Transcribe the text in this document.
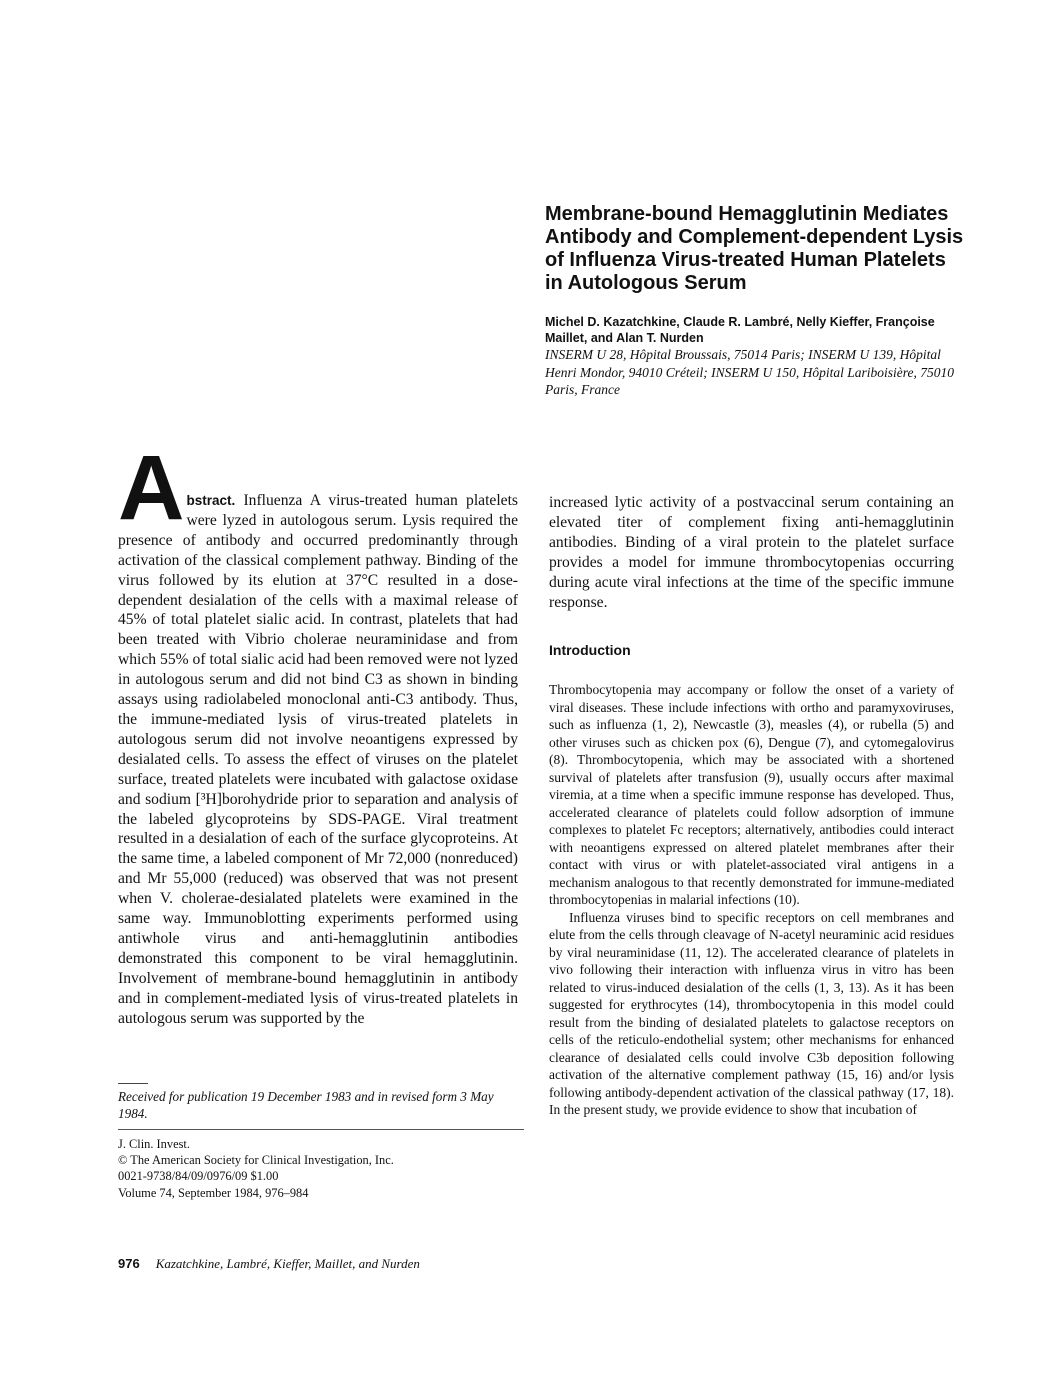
Membrane-bound Hemagglutinin Mediates Antibody and Complement-dependent Lysis of Influenza Virus-treated Human Platelets in Autologous Serum
Michel D. Kazatchkine, Claude R. Lambré, Nelly Kieffer, Françoise Maillet, and Alan T. Nurden
INSERM U 28, Hôpital Broussais, 75014 Paris; INSERM U 139, Hôpital Henri Mondor, 94010 Créteil; INSERM U 150, Hôpital Lariboisière, 75010 Paris, France
A bstract. Influenza A virus-treated human platelets were lyzed in autologous serum. Lysis required the presence of antibody and occurred predominantly through activation of the classical complement pathway. Binding of the virus followed by its elution at 37°C resulted in a dose-dependent desialation of the cells with a maximal release of 45% of total platelet sialic acid. In contrast, platelets that had been treated with Vibrio cholerae neuraminidase and from which 55% of total sialic acid had been removed were not lyzed in autologous serum and did not bind C3 as shown in binding assays using radiolabeled monoclonal anti-C3 antibody. Thus, the immune-mediated lysis of virus-treated platelets in autologous serum did not involve neoantigens expressed by desialated cells. To assess the effect of viruses on the platelet surface, treated platelets were incubated with galactose oxidase and sodium [³H]borohydride prior to separation and analysis of the labeled glycoproteins by SDS-PAGE. Viral treatment resulted in a desialation of each of the surface glycoproteins. At the same time, a labeled component of Mr 72,000 (nonreduced) and Mr 55,000 (reduced) was observed that was not present when V. cholerae-desialated platelets were examined in the same way. Immunoblotting experiments performed using antiwhole virus and anti-hemagglutinin antibodies demonstrated this component to be viral hemagglutinin. Involvement of membrane-bound hemagglutinin in antibody and in complement-mediated lysis of virus-treated platelets in autologous serum was supported by the

increased lytic activity of a postvaccinal serum containing an elevated titer of complement fixing anti-hemagglutinin antibodies. Binding of a viral protein to the platelet surface provides a model for immune thrombocytopenias occurring during acute viral infections at the time of the specific immune response.

Introduction

Thrombocytopenia may accompany or follow the onset of a variety of viral diseases. These include infections with ortho and paramyxoviruses, such as influenza (1, 2), Newcastle (3), measles (4), or rubella (5) and other viruses such as chicken pox (6), Dengue (7), and cytomegalovirus (8). Thrombocytopenia, which may be associated with a shortened survival of platelets after transfusion (9), usually occurs after maximal viremia, at a time when a specific immune response has developed. Thus, accelerated clearance of platelets could follow adsorption of immune complexes to platelet Fc receptors; alternatively, antibodies could interact with neoantigens expressed on altered platelet membranes after their contact with virus or with platelet-associated viral antigens in a mechanism analogous to that recently demonstrated for immune-mediated thrombocytopenias in malarial infections (10).

Influenza viruses bind to specific receptors on cell membranes and elute from the cells through cleavage of N-acetyl neuraminic acid residues by viral neuraminidase (11, 12). The accelerated clearance of platelets in vivo following their interaction with influenza virus in vitro has been related to virus-induced desialation of the cells (1, 3, 13). As it has been suggested for erythrocytes (14), thrombocytopenia in this model could result from the binding of desialated platelets to galactose receptors on cells of the reticulo-endothelial system; other mechanisms for enhanced clearance of desialated cells could involve C3b deposition following activation of the alternative complement pathway (15, 16) and/or lysis following antibody-dependent activation of the classical pathway (17, 18). In the present study, we provide evidence to show that incubation of

Received for publication 19 December 1983 and in revised form 3 May 1984.
J. Clin. Invest.
© The American Society for Clinical Investigation, Inc.
0021-9738/84/09/0976/09 $1.00
Volume 74, September 1984, 976–984
976 Kazatchkine, Lambré, Kieffer, Maillet, and Nurden
